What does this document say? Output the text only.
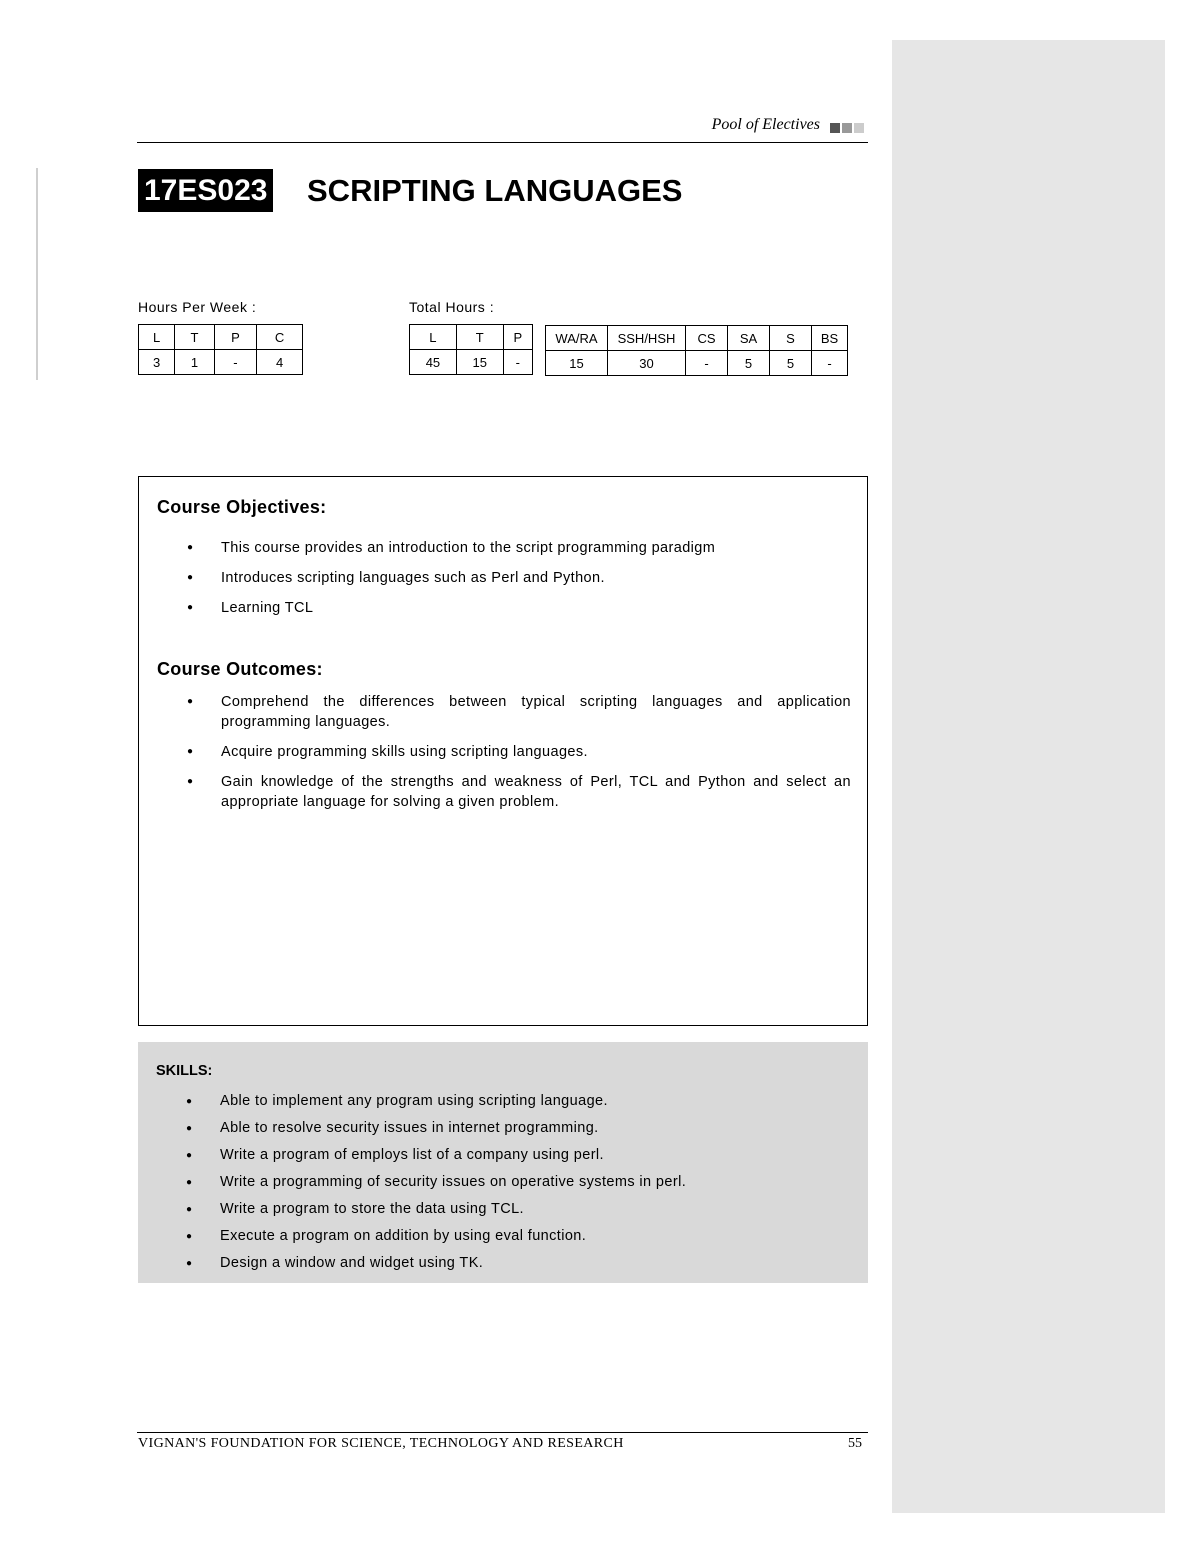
Pool of Electives
17ES023 SCRIPTING LANGUAGES
Hours Per Week :
L	T	P	C
3	1	-	4
Total Hours :
L	T	P
45	15	-
WA/RA	SSH/HSH	CS	SA	S	BS
15	30	-	5	5	-
Course Objectives:
● This course provides an introduction to the script programming paradigm
● Introduces scripting languages such as Perl and Python.
● Learning TCL
Course Outcomes:
● Comprehend the differences between typical scripting languages and application programming languages.
● Acquire programming skills using scripting languages.
● Gain knowledge of the strengths and weakness of Perl, TCL and Python and select an appropriate language for solving a given problem.
SKILLS:
● Able to implement any program using scripting language.
● Able to resolve security issues in internet programming.
● Write a program of employs list of a company using perl.
● Write a programming of security issues on operative systems in perl.
● Write a program to store the data using TCL.
● Execute a program on addition by using eval function.
● Design a window and widget using TK.
VIGNAN'S FOUNDATION FOR SCIENCE, TECHNOLOGY AND RESEARCH	55
